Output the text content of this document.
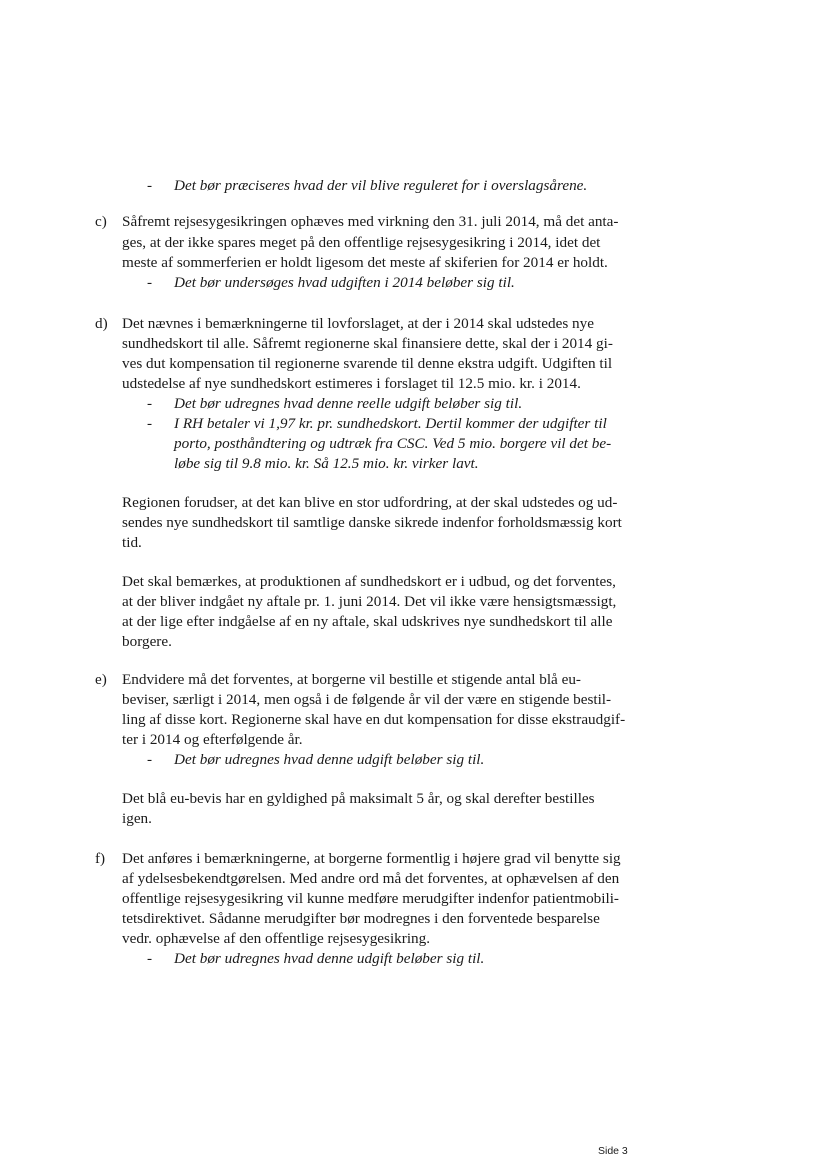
- Det bør præciseres hvad der vil blive reguleret for i overslagsårene.
c) Såfremt rejsesygesikringen ophæves med virkning den 31. juli 2014, må det anta-
ges, at der ikke spares meget på den offentlige rejsesygesikring i 2014, idet det
meste af sommerferien er holdt ligesom det meste af skiferien for 2014 er holdt.
- Det bør undersøges hvad udgiften i 2014 beløber sig til.
d) Det nævnes i bemærkningerne til lovforslaget, at der i 2014 skal udstedes nye
sundhedskort til alle. Såfremt regionerne skal finansiere dette, skal der i 2014 gi-
ves dut kompensation til regionerne svarende til denne ekstra udgift. Udgiften til
udstedelse af nye sundhedskort estimeres i forslaget til 12.5 mio. kr. i 2014.
- Det bør udregnes hvad denne reelle udgift beløber sig til.
- I RH betaler vi 1,97 kr. pr. sundhedskort. Dertil kommer der udgifter til
porto, posthåndtering og udtræk fra CSC. Ved 5 mio. borgere vil det be-
løbe sig til 9.8 mio. kr. Så 12.5 mio. kr. virker lavt.
Regionen forudser, at det kan blive en stor udfordring, at der skal udstedes og ud-
sendes nye sundhedskort til samtlige danske sikrede indenfor forholdsmæssig kort
tid.
Det skal bemærkes, at produktionen af sundhedskort er i udbud, og det forventes,
at der bliver indgået ny aftale pr. 1. juni 2014. Det vil ikke være hensigtsmæssigt,
at der lige efter indgåelse af en ny aftale, skal udskrives nye sundhedskort til alle
borgere.
e) Endvidere må det forventes, at borgerne vil bestille et stigende antal blå eu-
beviser, særligt i 2014, men også i de følgende år vil der være en stigende bestil-
ling af disse kort. Regionerne skal have en dut kompensation for disse ekstraudgif-
ter i 2014 og efterfølgende år.
- Det bør udregnes hvad denne udgift beløber sig til.
Det blå eu-bevis har en gyldighed på maksimalt 5 år, og skal derefter bestilles
igen.
f) Det anføres i bemærkningerne, at borgerne formentlig i højere grad vil benytte sig
af ydelsesbekendtgørelsen. Med andre ord må det forventes, at ophævelsen af den
offentlige rejsesygesikring vil kunne medføre merudgifter indenfor patientmobili-
tetsdirektivet. Sådanne merudgifter bør modregnes i den forventede besparelse
vedr. ophævelse af den offentlige rejsesygesikring.
- Det bør udregnes hvad denne udgift beløber sig til.
Side 3
